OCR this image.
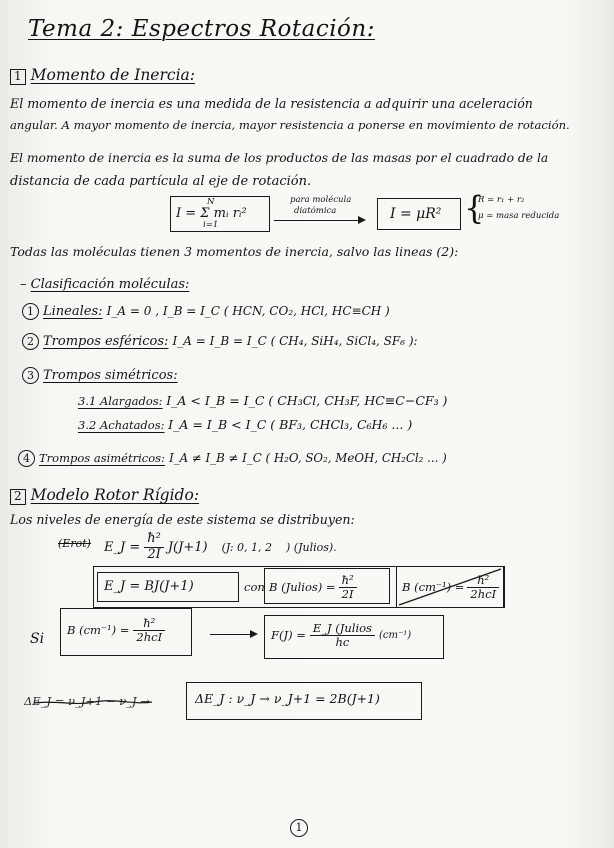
Tema 2: Espectros Rotación:
1 Momento de Inercia:
El momento de inercia es una medida de la resistencia a adquirir una aceleración
angular. A mayor momento de inercia, mayor resistencia a ponerse en movimiento de rotación.
El momento de inercia es la suma de los productos de las masas por el cuadrado de la
distancia de cada partícula al eje de rotación.
I = Σ mᵢ rᵢ²
N
i=1
para molécula
diatómica	I = μR² {
R = r₁ + r₂
μ = masa reducida
Todas las moléculas tienen 3 momentos de inercia, salvo las lineas (2):
– Clasificación moléculas:
1 Lineales: I_A = 0 , I_B = I_C ( HCN, CO₂, HCl, HC≡CH )
2 Trompos esféricos: I_A = I_B = I_C ( CH₄, SiH₄, SiCl₄, SF₆ ):
3 Trompos simétricos:
3.1 Alargados: I_A < I_B = I_C ( CH₃Cl, CH₃F, HC≡C−CF₃ )
3.2 Achatados: I_A = I_B < I_C ( BF₃, CHCl₃, C₆H₆ ... )
4 Trompos asimétricos: I_A ≠ I_B ≠ I_C ( H₂O, SO₂, MeOH, CH₂Cl₂ ... )
2 Modelo Rotor Rígido:
Los niveles de energía de este sistema se distribuyen:
(Erot) E_J = $\frac{\text{ħ²}}{2I} J(J+1)$ (J: 0, 1, 2 ) (Julios).
E_J = BJ(J+1)	con B (Julios) = $\frac{\text{ħ²}}{2I}$	B $(cm^{-1}) = \frac{\text{ħ²}}{\text{2hcI}}$
Si
B $(cm^{-1}) = \frac{\text{ħ²}}{\text{2hcI}}$	$F(J) = \frac{\text{E\_J (Julios}}{hc} (cm^{-1})$
ΔE_J = ν_J+1 − ν_J →	ΔE_J : ν_J → ν_J+1 = 2B(J+1)
1
